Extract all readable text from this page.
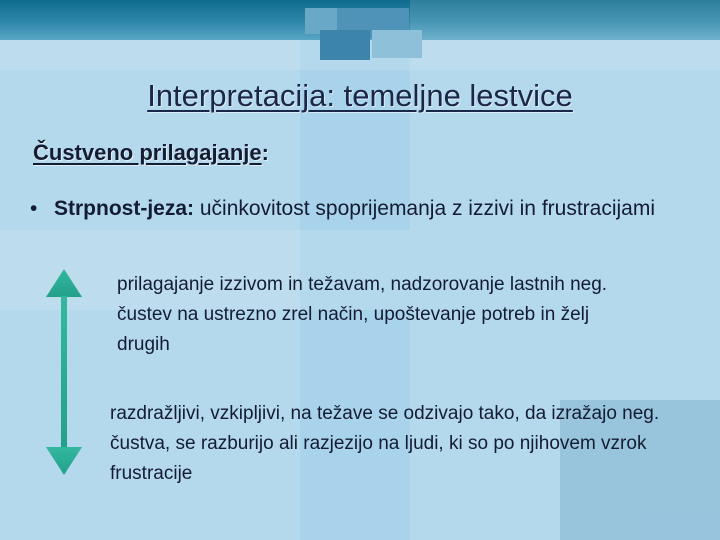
Interpretacija: temeljne lestvice
Čustveno prilagajanje:
• Strpnost-jeza: učinkovitost spoprijemanja z izzivi in frustracijami
prilagajanje izzivom in težavam, nadzorovanje lastnih neg. čustev na ustrezno zrel način, upoštevanje potreb in želj drugih
razdražljivi, vzkipljivi, na težave se odzivajo tako, da izražajo neg. čustva, se razburijo ali razjezijo na ljudi, ki so po njihovem vzrok frustracije
